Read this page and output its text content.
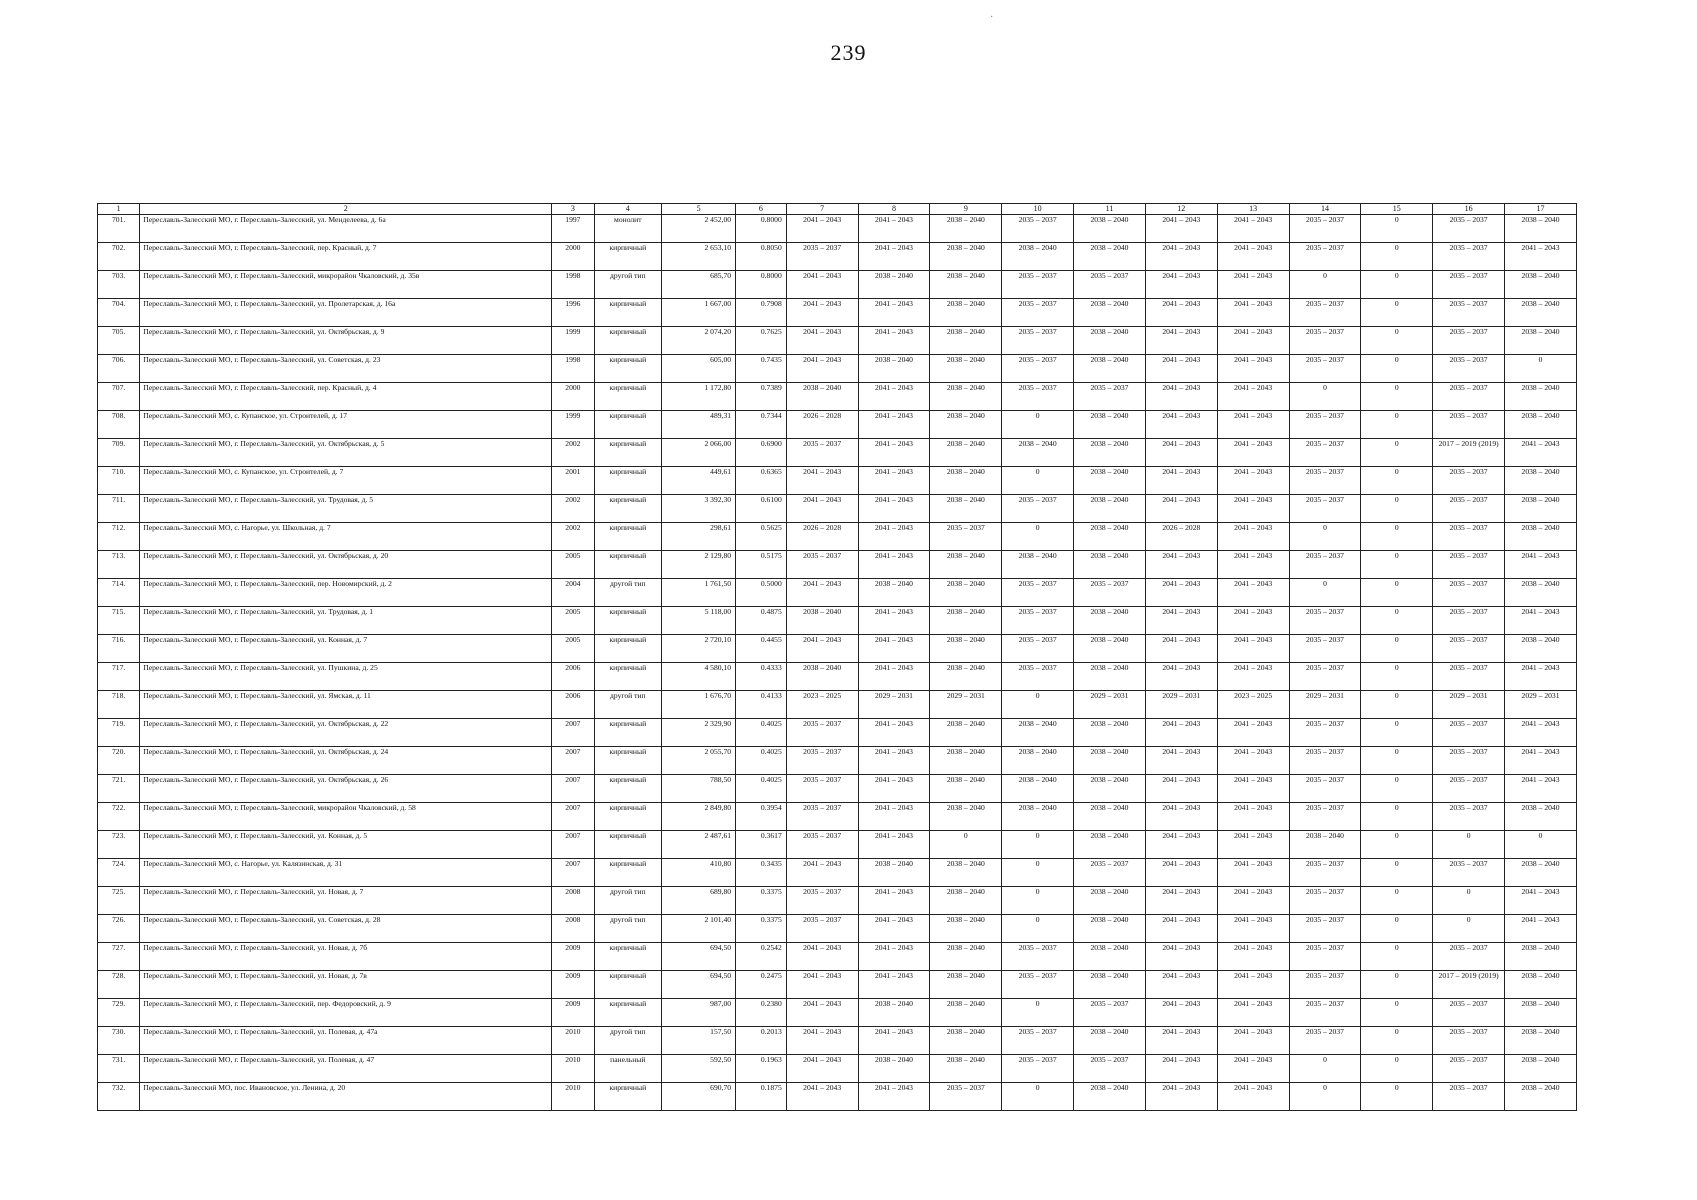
239
·
1	2	3	4	5	6	7	8	9	10	11	12	13	14	15	16	17
701.	Переславль-Залесский МО, г. Переславль-Залесский, ул. Менделеева, д. 6а	1997	монолит	2 452,00	0.8000	2041 – 2043	2041 – 2043	2038 – 2040	2035 – 2037	2038 – 2040	2041 – 2043	2041 – 2043	2035 – 2037	0	2035 – 2037	2038 – 2040
702.	Переславль-Залесский МО, г. Переславль-Залесский, пер. Красный, д. 7	2000	кирпичный	2 653,10	0.8050	2035 – 2037	2041 – 2043	2038 – 2040	2038 – 2040	2038 – 2040	2041 – 2043	2041 – 2043	2035 – 2037	0	2035 – 2037	2041 – 2043
703.	Переславль-Залесский МО, г. Переславль-Залесский, микрорайон Чкаловский, д. 35в	1998	другой тип	685,70	0.8000	2041 – 2043	2038 – 2040	2038 – 2040	2035 – 2037	2035 – 2037	2041 – 2043	2041 – 2043	0	0	2035 – 2037	2038 – 2040
704.	Переславль-Залесский МО, г. Переславль-Залесский, ул. Пролетарская, д. 16а	1996	кирпичный	1 667,00	0.7908	2041 – 2043	2041 – 2043	2038 – 2040	2035 – 2037	2038 – 2040	2041 – 2043	2041 – 2043	2035 – 2037	0	2035 – 2037	2038 – 2040
705.	Переславль-Залесский МО, г. Переславль-Залесский, ул. Октябрьская, д. 9	1999	кирпичный	2 074,20	0.7625	2041 – 2043	2041 – 2043	2038 – 2040	2035 – 2037	2038 – 2040	2041 – 2043	2041 – 2043	2035 – 2037	0	2035 – 2037	2038 – 2040
706.	Переславль-Залесский МО, г. Переславль-Залесский, ул. Советская, д. 23	1998	кирпичный	605,00	0.7435	2041 – 2043	2038 – 2040	2038 – 2040	2035 – 2037	2038 – 2040	2041 – 2043	2041 – 2043	2035 – 2037	0	2035 – 2037	0
707.	Переславль-Залесский МО, г. Переславль-Залесский, пер. Красный, д. 4	2000	кирпичный	1 172,80	0.7389	2038 – 2040	2041 – 2043	2038 – 2040	2035 – 2037	2035 – 2037	2041 – 2043	2041 – 2043	0	0	2035 – 2037	2038 – 2040
708.	Переславль-Залесский МО, с. Купанское, ул. Строителей, д. 17	1999	кирпичный	489,31	0.7344	2026 – 2028	2041 – 2043	2038 – 2040	0	2038 – 2040	2041 – 2043	2041 – 2043	2035 – 2037	0	2035 – 2037	2038 – 2040
709.	Переславль-Залесский МО, г. Переславль-Залесский, ул. Октябрьская, д. 5	2002	кирпичный	2 066,00	0.6900	2035 – 2037	2041 – 2043	2038 – 2040	2038 – 2040	2038 – 2040	2041 – 2043	2041 – 2043	2035 – 2037	0	2017 – 2019 (2019)	2041 – 2043
710.	Переславль-Залесский МО, с. Купанское, ул. Строителей, д. 7	2001	кирпичный	449,61	0.6365	2041 – 2043	2041 – 2043	2038 – 2040	0	2038 – 2040	2041 – 2043	2041 – 2043	2035 – 2037	0	2035 – 2037	2038 – 2040
711.	Переславль-Залесский МО, г. Переславль-Залесский, ул. Трудовая, д. 5	2002	кирпичный	3 392,30	0.6100	2041 – 2043	2041 – 2043	2038 – 2040	2035 – 2037	2038 – 2040	2041 – 2043	2041 – 2043	2035 – 2037	0	2035 – 2037	2038 – 2040
712.	Переславль-Залесский МО, с. Нагорье, ул. Школьная, д. 7	2002	кирпичный	298,61	0.5625	2026 – 2028	2041 – 2043	2035 – 2037	0	2038 – 2040	2026 – 2028	2041 – 2043	0	0	2035 – 2037	2038 – 2040
713.	Переславль-Залесский МО, г. Переславль-Залесский, ул. Октябрьская, д. 20	2005	кирпичный	2 129,80	0.5175	2035 – 2037	2041 – 2043	2038 – 2040	2038 – 2040	2038 – 2040	2041 – 2043	2041 – 2043	2035 – 2037	0	2035 – 2037	2041 – 2043
714.	Переславль-Залесский МО, г. Переславль-Залесский, пер. Новомирский, д. 2	2004	другой тип	1 761,50	0.5000	2041 – 2043	2038 – 2040	2038 – 2040	2035 – 2037	2035 – 2037	2041 – 2043	2041 – 2043	0	0	2035 – 2037	2038 – 2040
715.	Переславль-Залесский МО, г. Переславль-Залесский, ул. Трудовая, д. 1	2005	кирпичный	5 118,00	0.4875	2038 – 2040	2041 – 2043	2038 – 2040	2035 – 2037	2038 – 2040	2041 – 2043	2041 – 2043	2035 – 2037	0	2035 – 2037	2041 – 2043
716.	Переславль-Залесский МО, г. Переславль-Залесский, ул. Конная, д. 7	2005	кирпичный	2 720,10	0.4455	2041 – 2043	2041 – 2043	2038 – 2040	2035 – 2037	2038 – 2040	2041 – 2043	2041 – 2043	2035 – 2037	0	2035 – 2037	2038 – 2040
717.	Переславль-Залесский МО, г. Переславль-Залесский, ул. Пушкина, д. 25	2006	кирпичный	4 580,10	0.4333	2038 – 2040	2041 – 2043	2038 – 2040	2035 – 2037	2038 – 2040	2041 – 2043	2041 – 2043	2035 – 2037	0	2035 – 2037	2041 – 2043
718.	Переславль-Залесский МО, г. Переславль-Залесский, ул. Ямская, д. 11	2006	другой тип	1 676,70	0.4133	2023 – 2025	2029 – 2031	2029 – 2031	0	2029 – 2031	2029 – 2031	2023 – 2025	2029 – 2031	0	2029 – 2031	2029 – 2031
719.	Переславль-Залесский МО, г. Переславль-Залесский, ул. Октябрьская, д. 22	2007	кирпичный	2 329,90	0.4025	2035 – 2037	2041 – 2043	2038 – 2040	2038 – 2040	2038 – 2040	2041 – 2043	2041 – 2043	2035 – 2037	0	2035 – 2037	2041 – 2043
720.	Переславль-Залесский МО, г. Переславль-Залесский, ул. Октябрьская, д. 24	2007	кирпичный	2 055,70	0.4025	2035 – 2037	2041 – 2043	2038 – 2040	2038 – 2040	2038 – 2040	2041 – 2043	2041 – 2043	2035 – 2037	0	2035 – 2037	2041 – 2043
721.	Переславль-Залесский МО, г. Переславль-Залесский, ул. Октябрьская, д. 26	2007	кирпичный	788,50	0.4025	2035 – 2037	2041 – 2043	2038 – 2040	2038 – 2040	2038 – 2040	2041 – 2043	2041 – 2043	2035 – 2037	0	2035 – 2037	2041 – 2043
722.	Переславль-Залесский МО, г. Переславль-Залесский, микрорайон Чкаловский, д. 58	2007	кирпичный	2 849,80	0.3954	2035 – 2037	2041 – 2043	2038 – 2040	2038 – 2040	2038 – 2040	2041 – 2043	2041 – 2043	2035 – 2037	0	2035 – 2037	2038 – 2040
723.	Переславль-Залесский МО, г. Переславль-Залесский, ул. Конная, д. 5	2007	кирпичный	2 487,61	0.3617	2035 – 2037	2041 – 2043	0	0	2038 – 2040	2041 – 2043	2041 – 2043	2038 – 2040	0	0	0
724.	Переславль-Залесский МО, с. Нагорье, ул. Калязинская, д. 31	2007	кирпичный	410,80	0.3435	2041 – 2043	2038 – 2040	2038 – 2040	0	2035 – 2037	2041 – 2043	2041 – 2043	2035 – 2037	0	2035 – 2037	2038 – 2040
725.	Переславль-Залесский МО, г. Переславль-Залесский, ул. Новая, д. 7	2008	другой тип	689,80	0.3375	2035 – 2037	2041 – 2043	2038 – 2040	0	2038 – 2040	2041 – 2043	2041 – 2043	2035 – 2037	0	0	2041 – 2043
726.	Переславль-Залесский МО, г. Переславль-Залесский, ул. Советская, д. 28	2008	другой тип	2 101,40	0.3375	2035 – 2037	2041 – 2043	2038 – 2040	0	2038 – 2040	2041 – 2043	2041 – 2043	2035 – 2037	0	0	2041 – 2043
727.	Переславль-Залесский МО, г. Переславль-Залесский, ул. Новая, д. 7б	2009	кирпичный	694,50	0.2542	2041 – 2043	2041 – 2043	2038 – 2040	2035 – 2037	2038 – 2040	2041 – 2043	2041 – 2043	2035 – 2037	0	2035 – 2037	2038 – 2040
728.	Переславль-Залесский МО, г. Переславль-Залесский, ул. Новая, д. 7в	2009	кирпичный	694,50	0.2475	2041 – 2043	2041 – 2043	2038 – 2040	2035 – 2037	2038 – 2040	2041 – 2043	2041 – 2043	2035 – 2037	0	2017 – 2019 (2019)	2038 – 2040
729.	Переславль-Залесский МО, г. Переславль-Залесский, пер. Федоровский, д. 9	2009	кирпичный	987,00	0.2380	2041 – 2043	2038 – 2040	2038 – 2040	0	2035 – 2037	2041 – 2043	2041 – 2043	2035 – 2037	0	2035 – 2037	2038 – 2040
730.	Переславль-Залесский МО, г. Переславль-Залесский, ул. Полевая, д. 47а	2010	другой тип	157,50	0.2013	2041 – 2043	2041 – 2043	2038 – 2040	2035 – 2037	2038 – 2040	2041 – 2043	2041 – 2043	2035 – 2037	0	2035 – 2037	2038 – 2040
731.	Переславль-Залесский МО, г. Переславль-Залесский, ул. Полевая, д. 47	2010	панельный	592,50	0.1963	2041 – 2043	2038 – 2040	2038 – 2040	2035 – 2037	2035 – 2037	2041 – 2043	2041 – 2043	0	0	2035 – 2037	2038 – 2040
732.	Переславль-Залесский МО, пос. Ивановское, ул. Ленина, д. 20	2010	кирпичный	690,70	0.1875	2041 – 2043	2041 – 2043	2035 – 2037	0	2038 – 2040	2041 – 2043	2041 – 2043	0	0	2035 – 2037	2038 – 2040
